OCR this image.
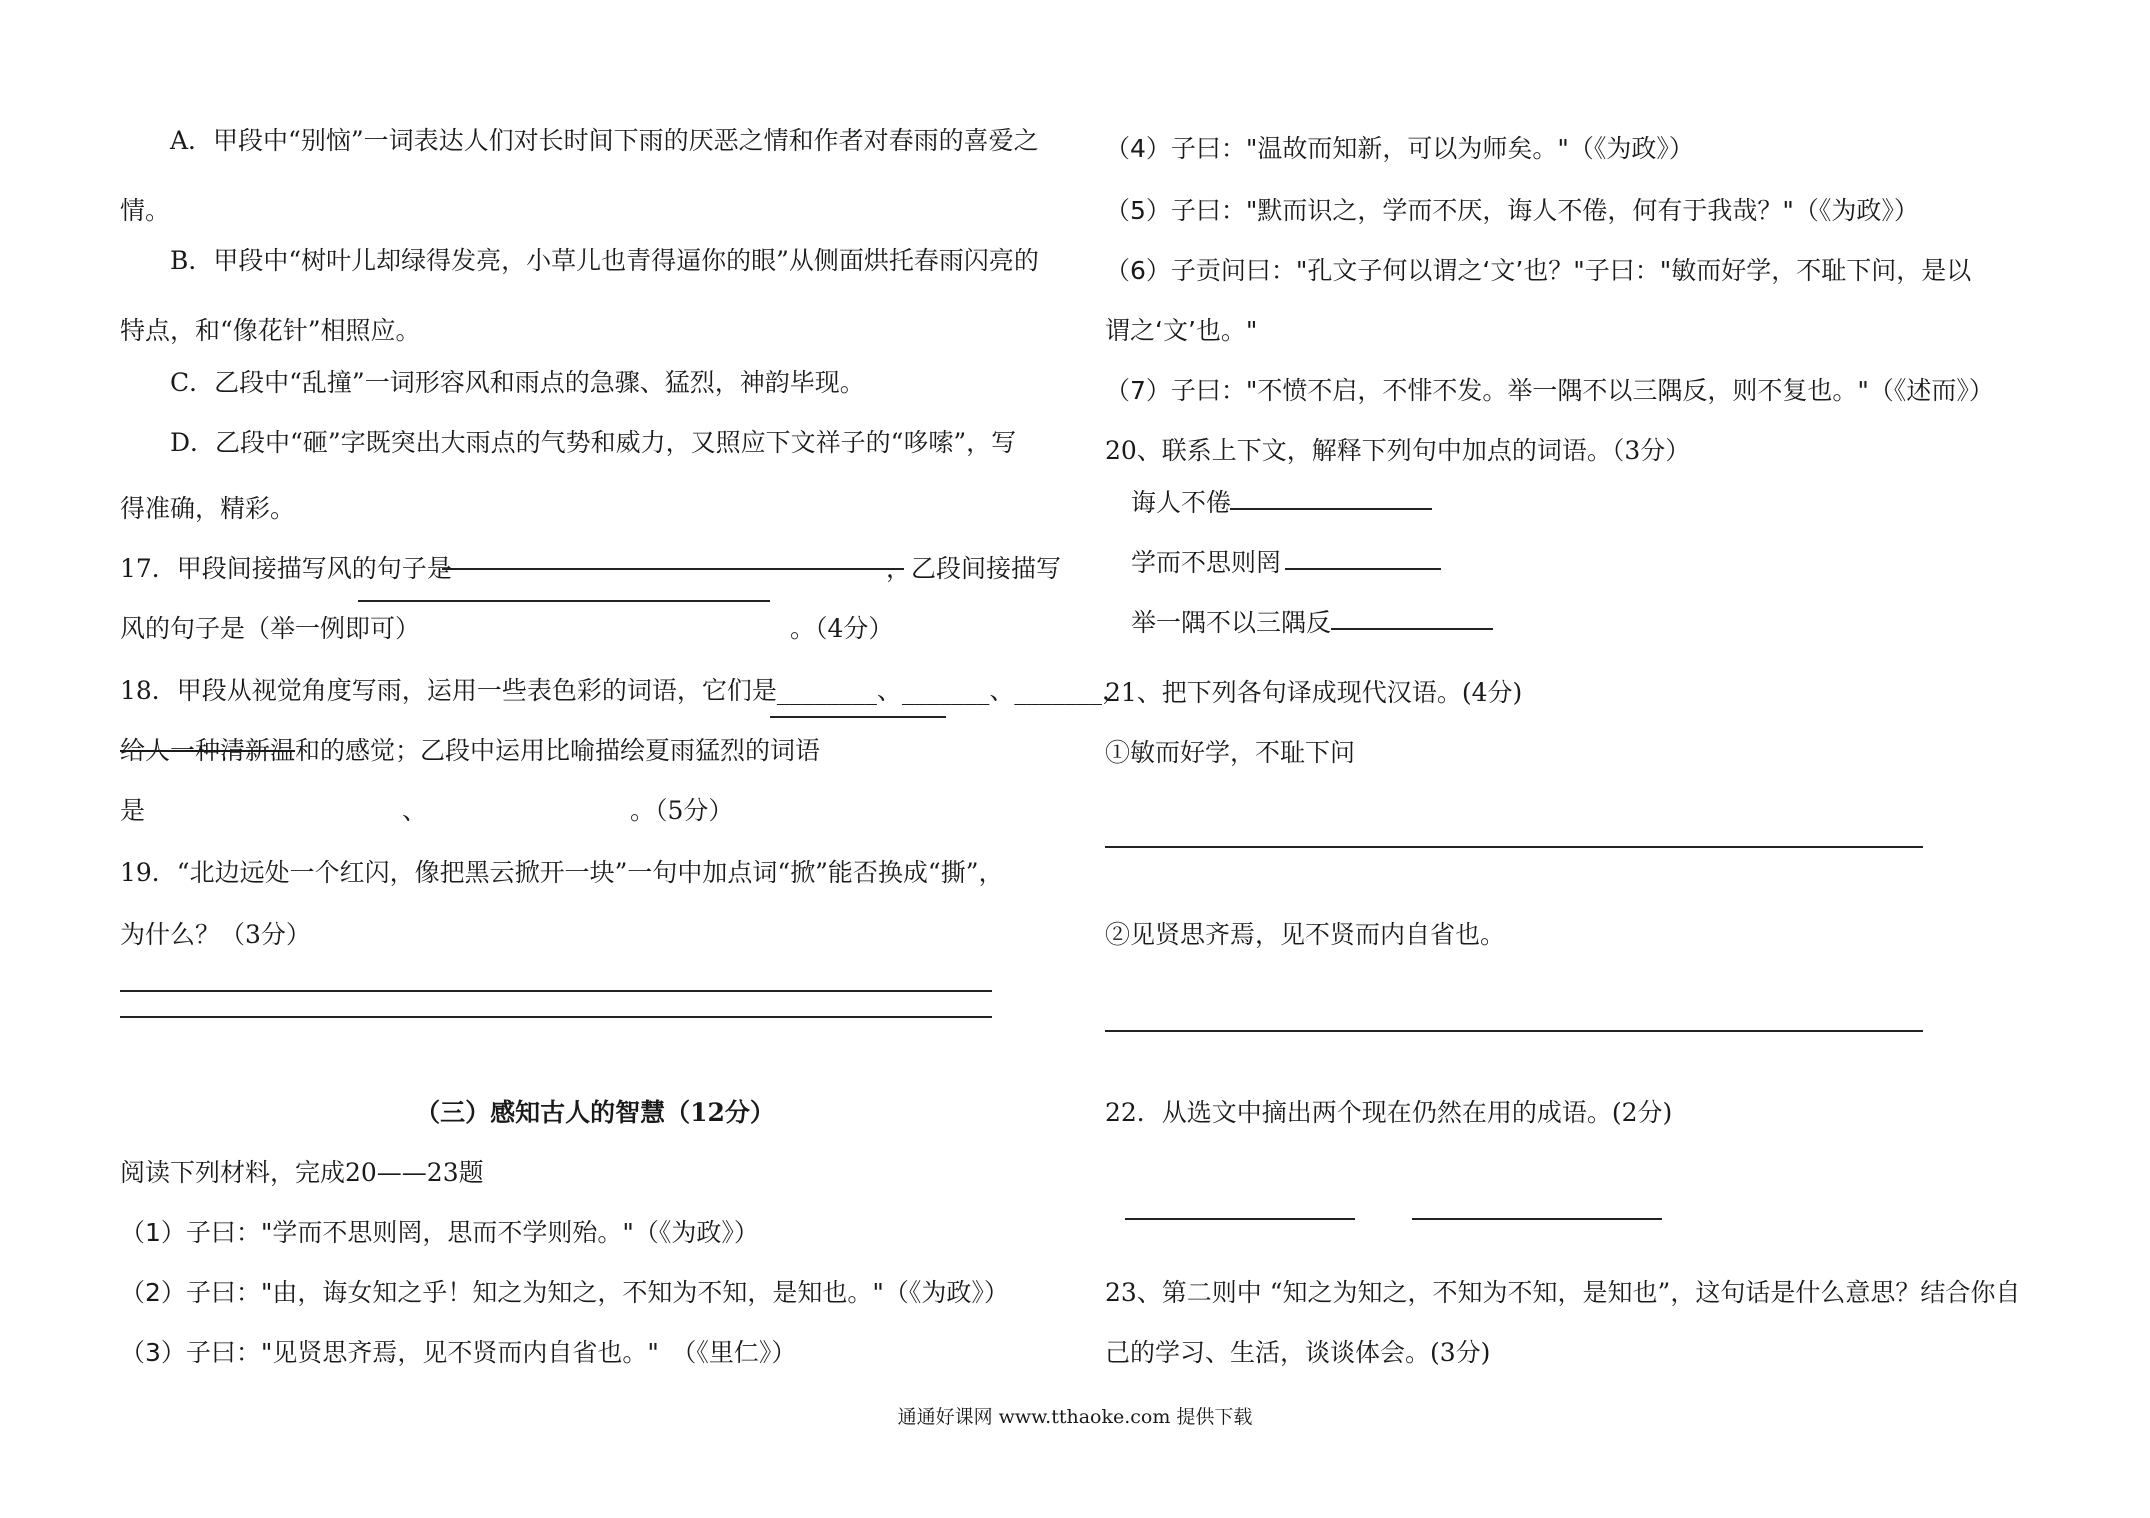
A．甲段中“别恼”一词表达人们对长时间下雨的厌恶之情和作者对春雨的喜爱之
情。
B．甲段中“树叶儿却绿得发亮，小草儿也青得逼你的眼”从侧面烘托春雨闪亮的
特点，和“像花针”相照应。
C．乙段中“乱撞”一词形容风和雨点的急骤、猛烈，神韵毕现。
D．乙段中“砸”字既突出大雨点的气势和威力，又照应下文祥子的“哆嗦”，写
得准确，精彩。
17．甲段间接描写风的句子是	，乙段间接描写
风的句子是（举一例即可）	。（4分）
18．甲段从视觉角度写雨，运用一些表色彩的词语，它们是________、_______、_______，
给人一种清新温和的感觉；乙段中运用比喻描绘夏雨猛烈的词语
是	、	。（5分）
19．“北边远处一个红闪，像把黑云掀开一块”一句中加点词“掀”能否换成“撕”，
为什么？（3分）
（三）感知古人的智慧（12分）
阅读下列材料，完成20——23题
（1）子曰："学而不思则罔，思而不学则殆。"（《为政》）
（2）子曰："由，诲女知之乎！知之为知之，不知为不知，是知也。"（《为政》）
（3）子曰："见贤思齐焉，见不贤而内自省也。"　（《里仁》）
（4）子曰："温故而知新，可以为师矣。"（《为政》）
（5）子曰："默而识之，学而不厌，诲人不倦，何有于我哉？"（《为政》）
（6）子贡问曰："孔文子何以谓之‘文’也？"子曰："敏而好学，不耻下问，是以
谓之‘文’也。"
（7）子曰："不愤不启，不悱不发。举一隅不以三隅反，则不复也。"（《述而》）
20、联系上下文，解释下列句中加点的词语。（3分）
诲人不倦
学而不思则罔
举一隅不以三隅反
21、把下列各句译成现代汉语。(4分)
①敏而好学，不耻下问
②见贤思齐焉，见不贤而内自省也。
22．从选文中摘出两个现在仍然在用的成语。(2分)
23、第二则中 “知之为知之，不知为不知，是知也”，这句话是什么意思？结合你自
己的学习、生活，谈谈体会。(3分)
通通好课网 www.tthaoke.com 提供下载
